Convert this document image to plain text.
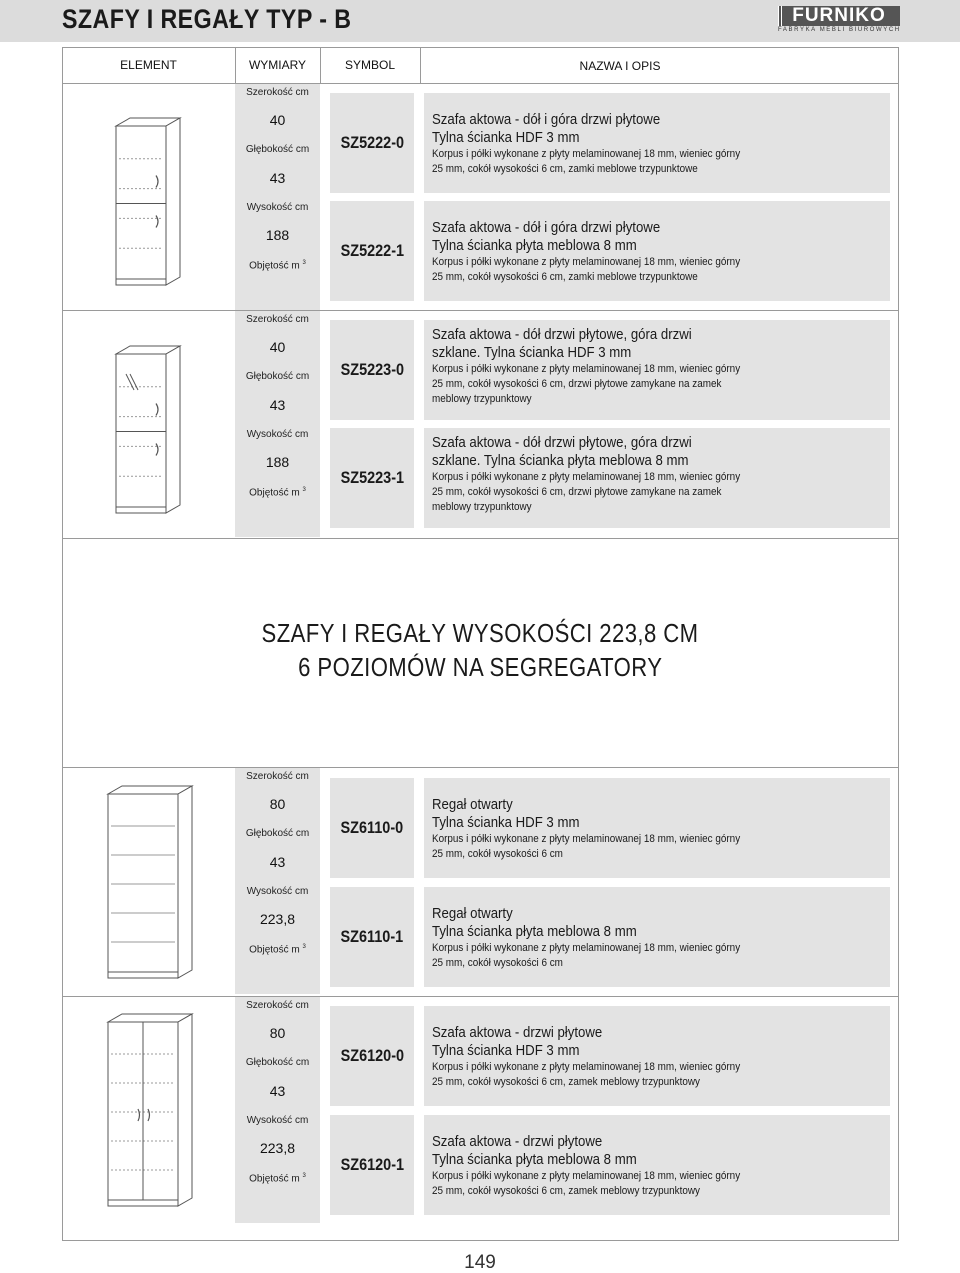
SZAFY I REGAŁY TYP - B	FURNIKO
FABRYKA MEBLI BIUROWYCH
ELEMENT	WYMIARY	SYMBOL	NAZWA I OPIS
Szerokość cm
40
Głębokość cm
43
Wysokość cm
188
Objętość m $^3$
SZ5222-0
Szafa aktowa - dół i góra drzwi płytowe
Tylna ścianka HDF 3 mm
Korpus i półki wykonane z płyty melaminowanej 18 mm, wieniec górny
25 mm, cokół wysokości 6 cm, zamki meblowe trzypunktowe
SZ5222-1
Szafa aktowa - dół i góra drzwi płytowe
Tylna ścianka płyta meblowa 8 mm
Korpus i półki wykonane z płyty melaminowanej 18 mm, wieniec górny
25 mm, cokół wysokości 6 cm, zamki meblowe trzypunktowe
Szerokość cm
40
Głębokość cm
43
Wysokość cm
188
Objętość m $^3$
SZ5223-0
Szafa aktowa - dół drzwi płytowe, góra drzwi
szklane. Tylna ścianka HDF 3 mm
Korpus i półki wykonane z płyty melaminowanej 18 mm, wieniec górny
25 mm, cokół wysokości 6 cm, drzwi płytowe zamykane na zamek
meblowy trzypunktowy
SZ5223-1
Szafa aktowa - dół drzwi płytowe, góra drzwi
szklane. Tylna ścianka płyta meblowa 8 mm
Korpus i półki wykonane z płyty melaminowanej 18 mm, wieniec górny
25 mm, cokół wysokości 6 cm, drzwi płytowe zamykane na zamek
meblowy trzypunktowy
Szerokość cm
80
Głębokość cm
43
Wysokość cm
223,8
Objętość m $^3$
SZ6110-0
Regał otwarty
Tylna ścianka HDF 3 mm
Korpus i półki wykonane z płyty melaminowanej 18 mm, wieniec górny
25 mm, cokół wysokości 6 cm
SZ6110-1
Regał otwarty
Tylna ścianka płyta meblowa 8 mm
Korpus i półki wykonane z płyty melaminowanej 18 mm, wieniec górny
25 mm, cokół wysokości 6 cm
Szerokość cm
80
Głębokość cm
43
Wysokość cm
223,8
Objętość m $^3$
SZ6120-0
Szafa aktowa - drzwi płytowe
Tylna ścianka HDF 3 mm
Korpus i półki wykonane z płyty melaminowanej 18 mm, wieniec górny
25 mm, cokół wysokości 6 cm, zamek meblowy trzypunktowy
SZ6120-1
Szafa aktowa - drzwi płytowe
Tylna ścianka płyta meblowa 8 mm
Korpus i półki wykonane z płyty melaminowanej 18 mm, wieniec górny
25 mm, cokół wysokości 6 cm, zamek meblowy trzypunktowy
SZAFY I REGAŁY WYSOKOŚCI 223,8 CM
6 POZIOMÓW NA SEGREGATORY
149
